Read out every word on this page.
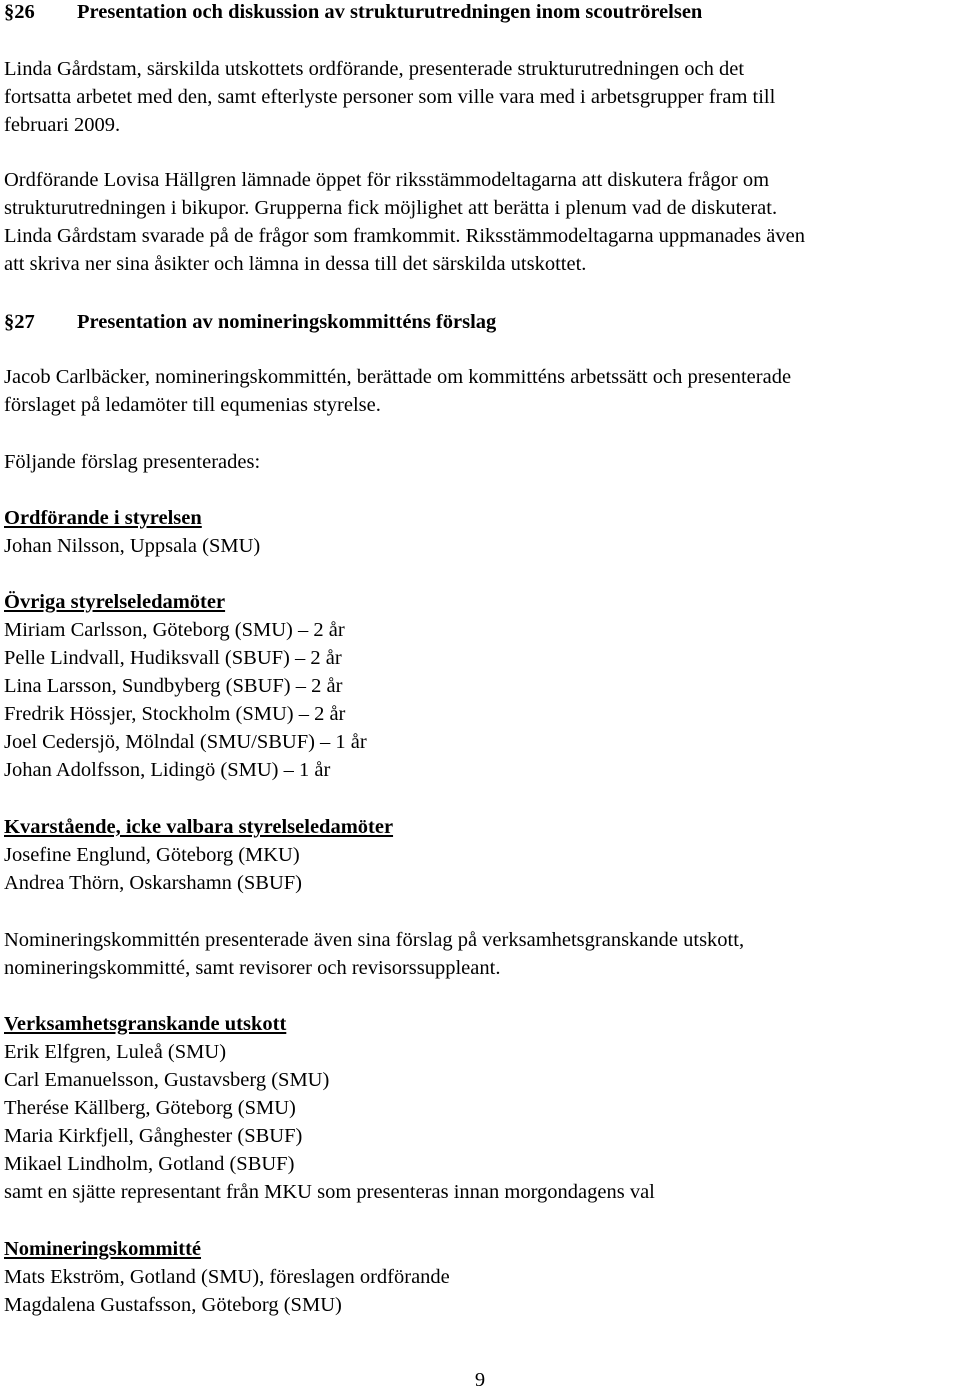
§26 Presentation och diskussion av strukturutredningen inom scoutrörelsen

Linda Gårdstam, särskilda utskottets ordförande, presenterade strukturutredningen och det
fortsatta arbetet med den, samt efterlyste personer som ville vara med i arbetsgrupper fram till
februari 2009.

Ordförande Lovisa Hällgren lämnade öppet för riksstämmodeltagarna att diskutera frågor om
strukturutredningen i bikupor. Grupperna fick möjlighet att berätta i plenum vad de diskuterat.
Linda Gårdstam svarade på de frågor som framkommit. Riksstämmodeltagarna uppmanades även
att skriva ner sina åsikter och lämna in dessa till det särskilda utskottet.

§27 Presentation av nomineringskommitténs förslag

Jacob Carlbäcker, nomineringskommittén, berättade om kommitténs arbetssätt och presenterade
förslaget på ledamöter till equmenias styrelse.

Följande förslag presenterades:

Ordförande i styrelsen
Johan Nilsson, Uppsala (SMU)
Övriga styrelseledamöter
Miriam Carlsson, Göteborg (SMU) – 2 år
Pelle Lindvall, Hudiksvall (SBUF) – 2 år
Lina Larsson, Sundbyberg (SBUF) – 2 år
Fredrik Hössjer, Stockholm (SMU) – 2 år
Joel Cedersjö, Mölndal (SMU/SBUF) – 1 år
Johan Adolfsson, Lidingö (SMU) – 1 år
Kvarstående, icke valbara styrelseledamöter
Josefine Englund, Göteborg (MKU)
Andrea Thörn, Oskarshamn (SBUF)

Nomineringskommittén presenterade även sina förslag på verksamhetsgranskande utskott,
nomineringskommitté, samt revisorer och revisorssuppleant.

Verksamhetsgranskande utskott
Erik Elfgren, Luleå (SMU)
Carl Emanuelsson, Gustavsberg (SMU)
Therése Källberg, Göteborg (SMU)
Maria Kirkfjell, Gånghester (SBUF)
Mikael Lindholm, Gotland (SBUF)
samt en sjätte representant från MKU som presenteras innan morgondagens val
Nomineringskommitté
Mats Ekström, Gotland (SMU), föreslagen ordförande
Magdalena Gustafsson, Göteborg (SMU)
9
